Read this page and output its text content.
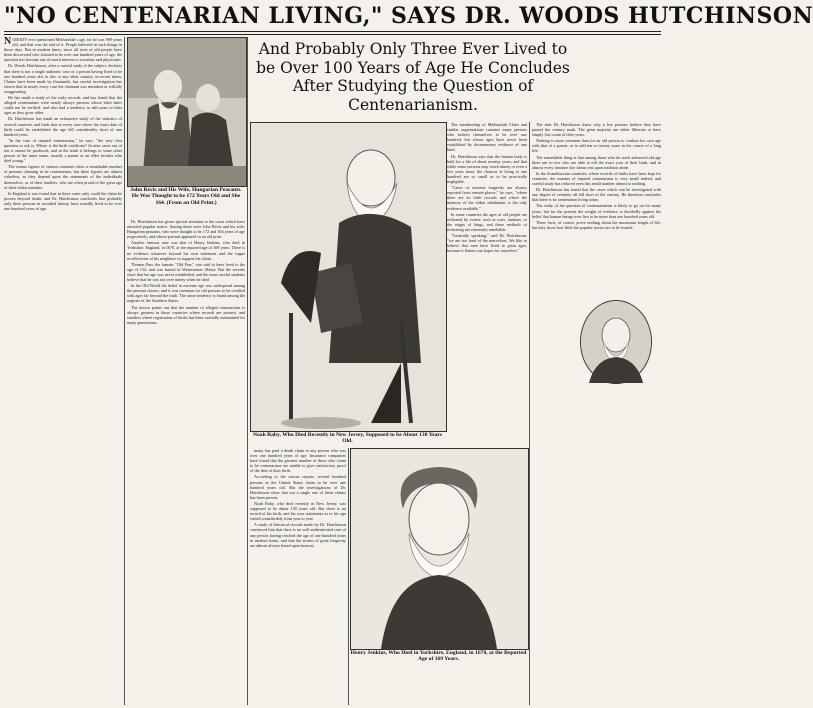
"NO CENTENARIAN LIVING," SAYS DR. WOODS HUTCHINSON

NOBODY ever questioned Methuselah's age, for he was 969 years old, and that was the end of it. People believed in such things in those days. But in modern times, since all sorts of old people have been discovered who claimed to be over one hundred years of age, the question has become one of much interest to scientists and physicians.

Dr. Woods Hutchinson, after a careful study of the subject, declares that there is not a single authentic case of a person having lived to be one hundred years old, in this or any other country, in recent times. Claims have been made by thousands, but careful investigation has shown that in nearly every case the claimant was mistaken or wilfully exaggerating.

He has made a study of the early records, and has found that the alleged centenarians were nearly always persons whose birth dates could not be verified, and who had a tendency to add years to their ages as they grew older.

Dr. Hutchinson has made an exhaustive study of the statistics of several countries and finds that in every case where the exact date of birth could be established the age fell considerably short of one hundred years.

"In the case of reputed centenarians," he says, "the very first question to ask is, Where is the birth certificate? In nine cases out of ten it cannot be produced, and in the tenth it belongs to some other person of the same name, usually a parent or an elder brother who died young."

The census figures of various countries show a remarkable number of persons claiming to be centenarians, but these figures are almost valueless, as they depend upon the statements of the individuals themselves, or of their families, who are often proud of the great age of their oldest member.

In England it was found that in three cases only could the claim be proven beyond doubt, and Dr. Hutchinson concludes that probably only three persons in recorded history have actually lived to be over one hundred years of age.

John Revis and His Wife, Hungarian Peasants. He Was Thought to be 172 Years Old and She 164. (From an Old Print.)

Dr. Hutchinson has given special attention to the cases which have attracted popular notice. Among these were John Revis and his wife, Hungarian peasants, who were thought to be 172 and 164 years of age respectively, and whose portrait appeared in an old print.

Another famous case was that of Henry Jenkins, who died in Yorkshire, England, in 1670, at the reported age of 169 years. There is no evidence whatever beyond his own statement and the vague recollections of his neighbors to support the claim.

Thomas Parr, the famous "Old Parr," was said to have lived to the age of 152, and was buried in Westminster Abbey. But the records show that his age was never established, and the most careful students believe that he was not over ninety when he died.

In the Old World the belief in extreme age was widespread among the peasant classes, and it was common for old persons to be credited with ages far beyond the truth. The same tendency is found among the negroes of the Southern States.

The doctor points out that the number of alleged centenarians is always greatest in those countries where records are poorest, and smallest where registration of births has been carefully maintained for many generations.

And Probably Only Three Ever Lived to be Over 100 Years of Age He Concludes After Studying the Question of Centenarianism.
Noah Raby, Who Died Recently in New Jersey, Supposed to be About 130 Years Old.

many has paid a death claim to any person who was over one hundred years of age. Insurance companies have found that the greatest number of those who claim to be centenarians are unable to give satisfactory proof of the date of their birth.

According to the census reports, several hundred persons in the United States claim to be over one hundred years old. But the investigations of Dr. Hutchinson show that not a single one of these claims has been proven.

Noah Raby, who died recently in New Jersey, was supposed to be about 130 years old. But there is no record of his birth, and his own statements as to his age varied considerably from year to year.

A study of historical records made by Dr. Hutchinson convinced him that there is no well authenticated case of any person having reached the age of one hundred years in modern times, and that the stories of great longevity are almost always based upon hearsay.

The membership of Methuselah Clubs and similar organizations contains many persons who believe themselves to be over one hundred, but whose ages have never been established by documentary evidence of any kind.

Dr. Hutchinson says that the human body is built for a life of about seventy years, and that while some persons may reach ninety or even a few years more, the chances of living to one hundred are so small as to be practically negligible.

"Cases of extreme longevity are always reported from remote places," he says, "where there are no birth records and where the memory of the oldest inhabitants is the only evidence available."

In some countries the ages of old people are reckoned by events, such as wars, famines, or the reigns of kings, and these methods of reckoning are extremely unreliable.

"Generally speaking," said Dr. Hutchinson, "we are too fond of the marvelous. We like to believe that men have lived to great ages, because it flatters our hopes for ourselves."

Henry Jenkins, Who Died in Yorkshire, England, in 1670, at the Reported Age of 169 Years.

The dear Dr. Hutchinson knew why a few persons believe they have passed the century mark. The great majority are either illiterate or have simply lost count of their years.

Nothing is more common than for an old person to confuse his own age with that of a parent, or to add ten or twenty years in the course of a long life.

The remarkable thing is that among those who do reach advanced old age there are so few who are able to tell the exact year of their birth, and in almost every instance the claims rest upon tradition alone.

In the Scandinavian countries, where records of births have been kept for centuries, the number of reputed centenarians is very small indeed, and careful study has reduced even this small number almost to nothing.

Dr. Hutchinson has found that the cases which can be investigated with any degree of certainty all fall short of the century. He therefore concludes that there is no centenarian living today.

The study of the question of centenarianism is likely to go on for many years, but for the present the weight of evidence is decidedly against the belief that human beings ever live to be more than one hundred years old.

These facts, of course, prove nothing about the maximum length of life, but they show how little the popular stories are to be trusted.
